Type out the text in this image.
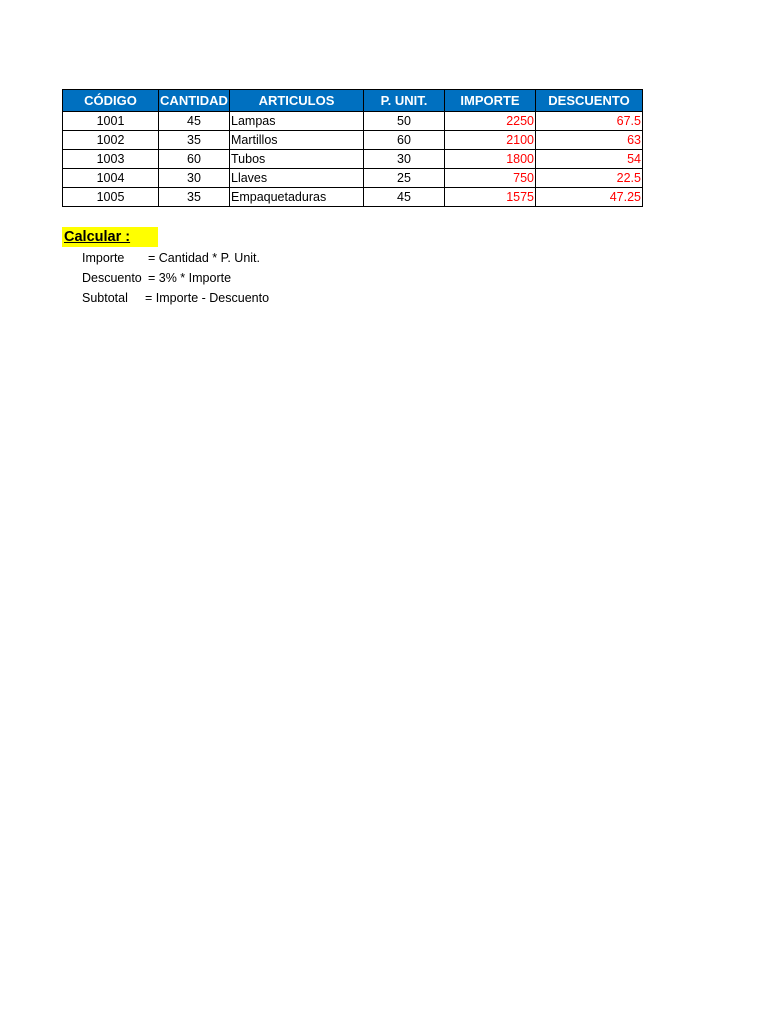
CÓDIGO	CANTIDAD	ARTICULOS	P. UNIT.	IMPORTE	DESCUENTO
1001	45	Lampas	50	2250	67.5
1002	35	Martillos	60	2100	63
1003	60	Tubos	30	1800	54
1004	30	Llaves	25	750	22.5
1005	35	Empaquetaduras	45	1575	47.25
Calcular :
Importe = Cantidad * P. Unit.
Descuento = 3% * Importe
Subtotal = Importe - Descuento
